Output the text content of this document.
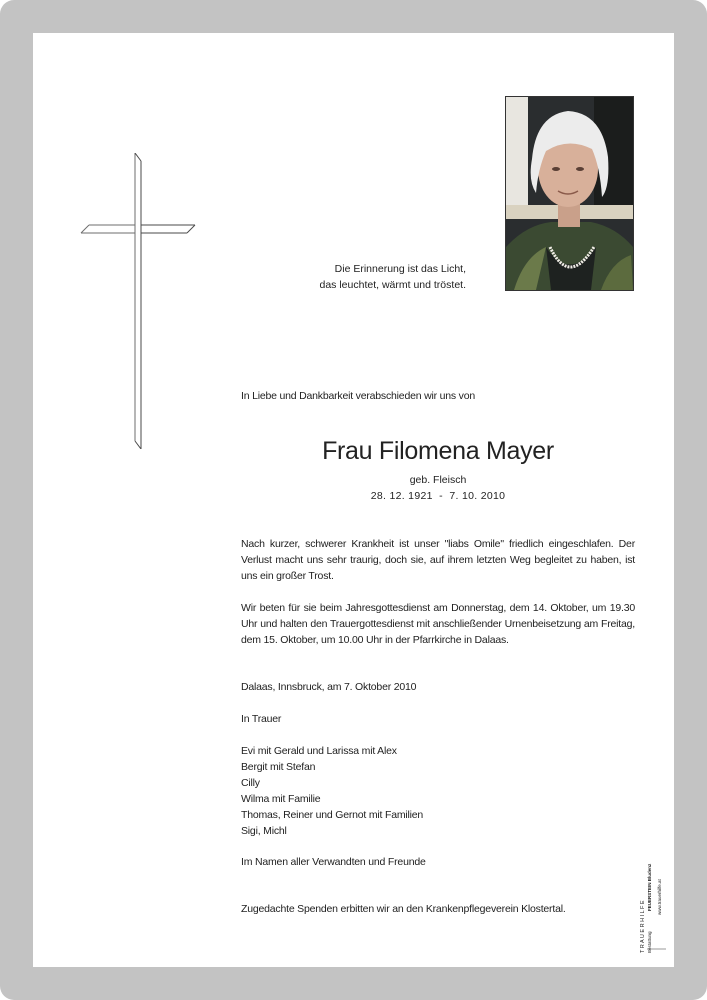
Die Erinnerung ist das Licht,
das leuchtet, wärmt und tröstet.
In Liebe und Dankbarkeit verabschieden wir uns von
Frau Filomena Mayer
geb. Fleisch
28. 12. 1921  -  7. 10. 2010
Nach kurzer, schwerer Krankheit ist unser "liabs Omile" friedlich eingeschlafen. Der Verlust macht uns sehr traurig, doch sie, auf ihrem letzten Weg begleitet zu haben, ist uns ein großer Trost.
Wir beten für sie beim Jahresgottesdienst am Donnerstag, dem 14. Oktober, um 19.30 Uhr und halten den Trauergottesdienst mit anschließender Urnenbeisetzung am Freitag, dem 15. Oktober, um 10.00 Uhr in der Pfarrkirche in Dalaas.
Dalaas, Innsbruck, am 7. Oktober 2010
In Trauer
Evi mit Gerald und Larissa mit Alex
Bergit mit Stefan
Cilly
Wilma mit Familie
Thomas, Reiner und Gernot mit Familien
Sigi, Michl
Im Namen aller Verwandten und Freunde
Zugedachte Spenden erbitten wir an den Krankenpflegeverein Klostertal.	T R A U E R H I L F E Bestattung
FEUERSTEIN Bludenz www.trauerhilfe.at
